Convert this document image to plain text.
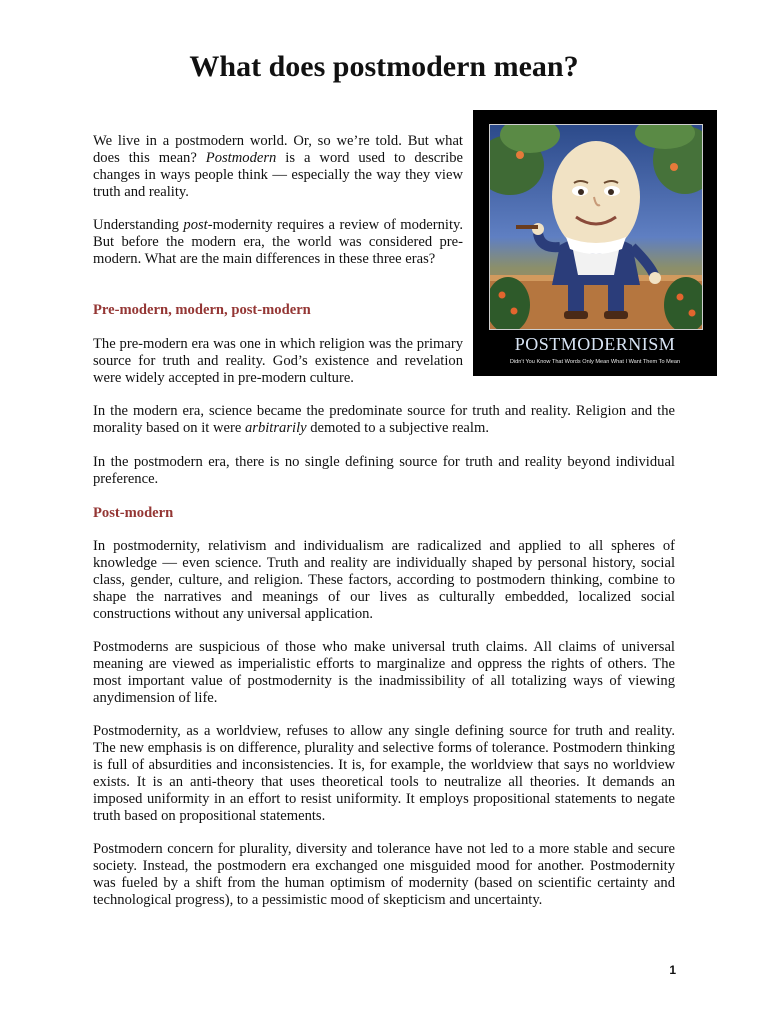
What does postmodern mean?

We live in a postmodern world. Or, so we’re told. But what does this mean? Postmodern is a word used to describe changes in ways people think — especially the way they view truth and reality.

Understanding post-modernity requires a review of modernity. But before the modern era, the world was considered pre-modern. What are the main differences in these three eras?

Pre-modern, modern, post-modern

The pre-modern era was one in which religion was the primary source for truth and reality. God’s existence and revelation were widely accepted in pre-modern culture.

In the modern era, science became the predominate source for truth and reality. Religion and the morality based on it were arbitrarily demoted to a subjective realm.

In the postmodern era, there is no single defining source for truth and reality beyond individual preference.

Post-modern

In postmodernity, relativism and individualism are radicalized and applied to all spheres of knowledge — even science. Truth and reality are individually shaped by personal history, social class, gender, culture, and religion. These factors, according to postmodern thinking, combine to shape the narratives and meanings of our lives as culturally embedded, localized social constructions without any universal application.

Postmoderns are suspicious of those who make universal truth claims. All claims of universal meaning are viewed as imperialistic efforts to marginalize and oppress the rights of others. The most important value of postmodernity is the inadmissibility of all totalizing ways of viewing anydimension of life.

Postmodernity, as a worldview, refuses to allow any single defining source for truth and reality. The new emphasis is on difference, plurality and selective forms of tolerance. Postmodern thinking is full of absurdities and inconsistencies. It is, for example, the worldview that says no worldview exists. It is an anti-theory that uses theoretical tools to neutralize all theories. It demands an imposed uniformity in an effort to resist uniformity. It employs propositional statements to negate truth based on propositional statements.

Postmodern concern for plurality, diversity and tolerance have not led to a more stable and secure society. Instead, the postmodern era exchanged one misguided mood for another. Postmodernity was fueled by a shift from the human optimism of modernity (based on scientific certainty and technological progress), to a pessimistic mood of skepticism and uncertainty.

POSTMODERNISM
Didn't You Know That Words Only Mean What I Want Them To Mean
1
